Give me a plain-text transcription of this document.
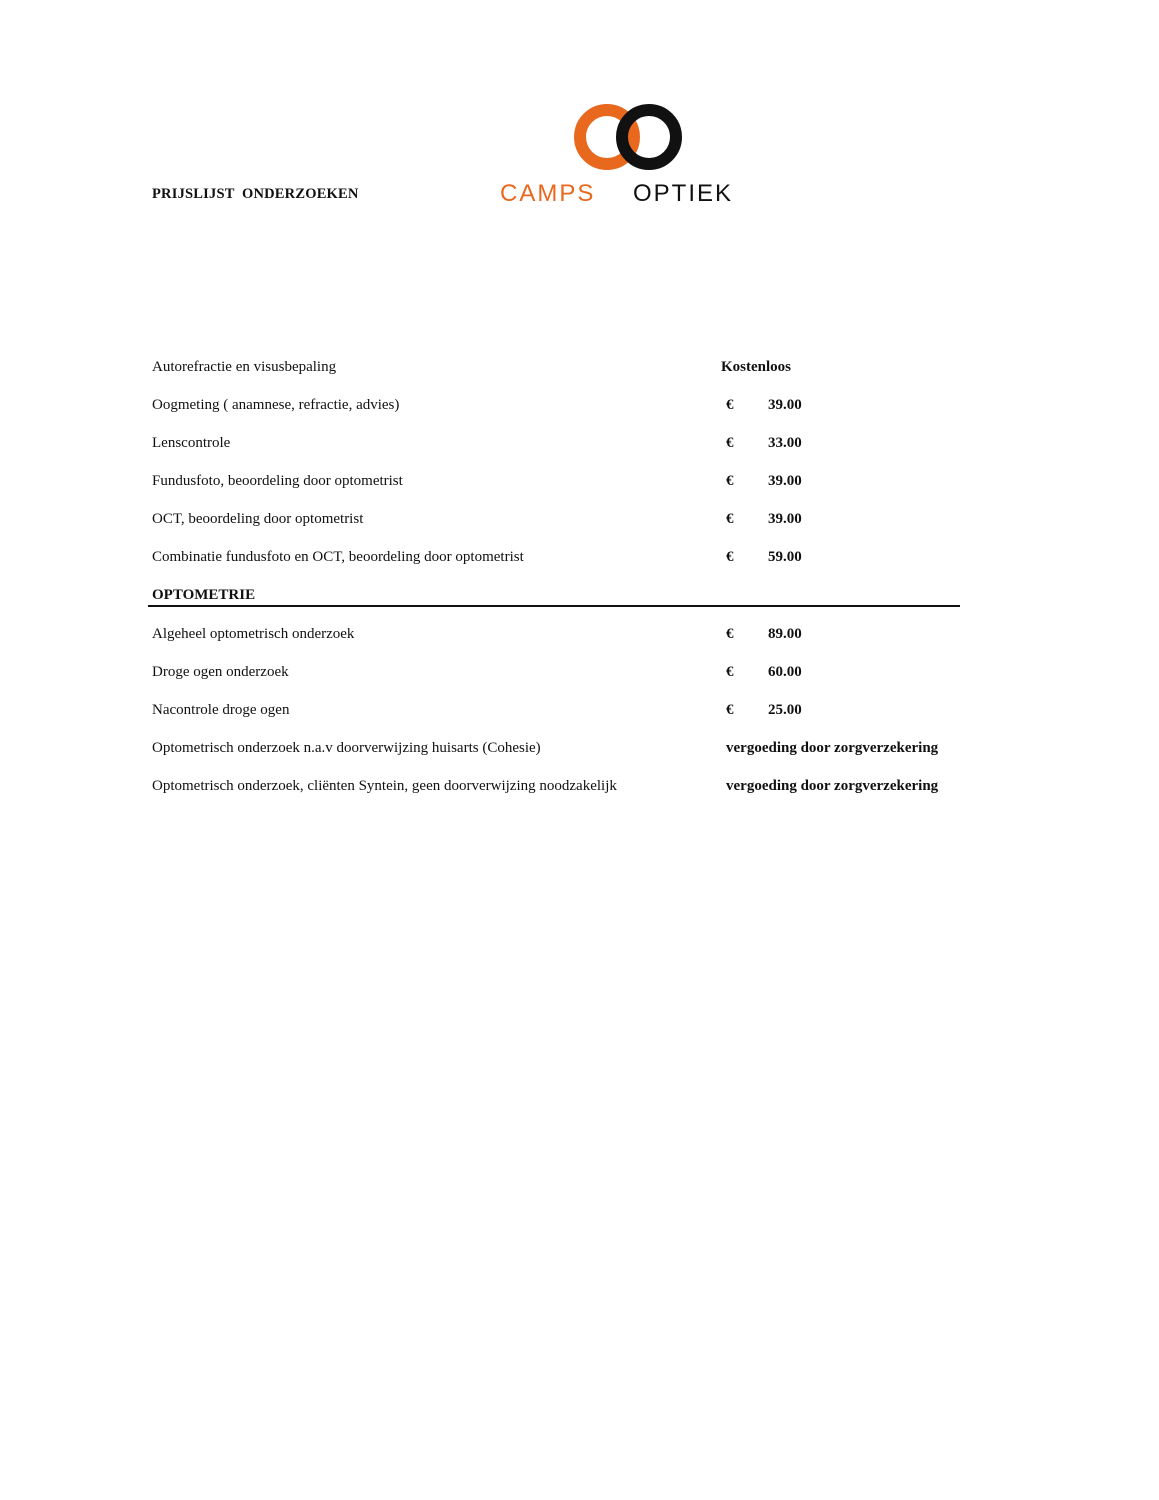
PRIJSLIJST  ONDERZOEKEN	CAMPS OPTIEK
Autorefractie en visusbepaling	Kostenloos
Oogmeting ( anamnese, refractie, advies)	€ 39.00
Lenscontrole	€ 33.00
Fundusfoto, beoordeling door optometrist	€ 39.00
OCT, beoordeling door optometrist	€ 39.00
Combinatie fundusfoto en OCT, beoordeling door optometrist	€ 59.00
OPTOMETRIE
Algeheel optometrisch onderzoek	€ 89.00
Droge ogen onderzoek	€ 60.00
Nacontrole droge ogen	€ 25.00
Optometrisch onderzoek n.a.v doorverwijzing huisarts (Cohesie)	vergoeding door zorgverzekering
Optometrisch onderzoek, cliënten Syntein, geen doorverwijzing noodzakelijk	vergoeding door zorgverzekering
